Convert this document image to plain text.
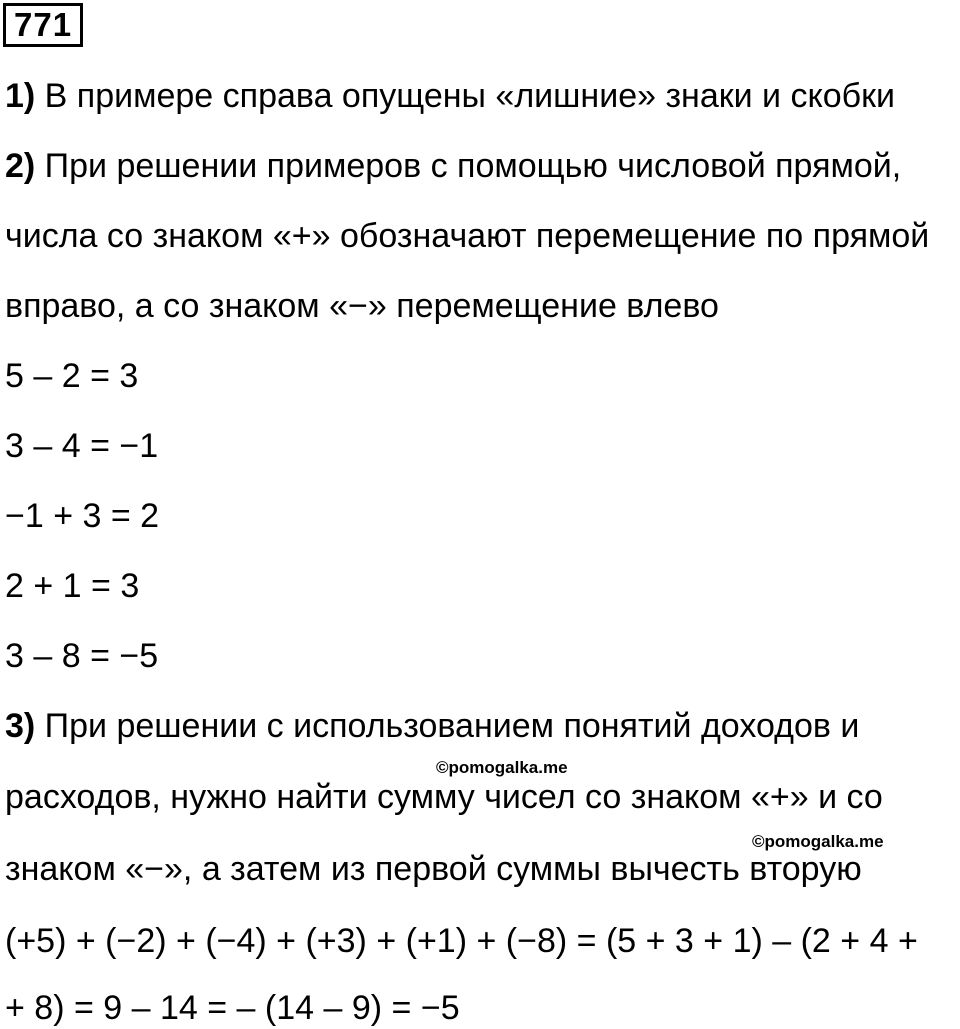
771
1) В примере справа опущены «лишние» знаки и скобки
2) При решении примеров с помощью числовой прямой,
числа со знаком «+» обозначают перемещение по прямой
вправо, а со знаком «−» перемещение влево
5 – 2 = 3
3 – 4 = −1
−1 + 3 = 2
2 + 1 = 3
3 – 8 = −5
3) При решении с использованием понятий доходов и
©pomogalka.me
расходов, нужно найти сумму чисел со знаком «+» и со
©pomogalka.me
знаком «−», а затем из первой суммы вычесть вторую
(+5) + (−2) + (−4) + (+3) + (+1) + (−8) = (5 + 3 + 1) – (2 + 4 +
+ 8) = 9 – 14 = – (14 – 9) = −5
